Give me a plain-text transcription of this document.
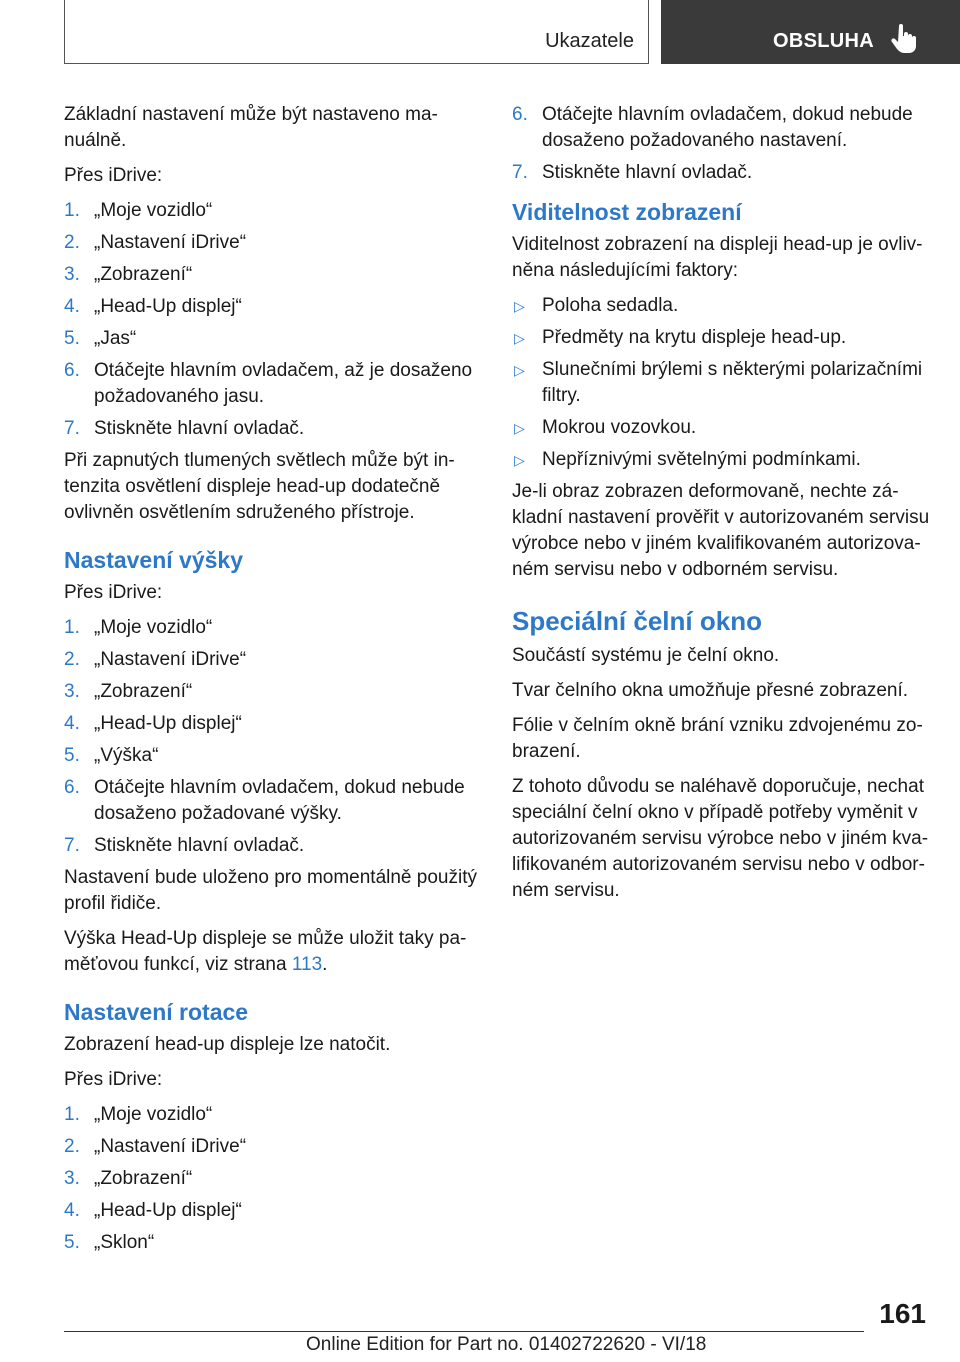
Ukazatele	OBSLUHA

Základní nastavení může být nastaveno ma-nuálně.

Přes iDrive:

1. „Moje vozidlo“
2. „Nastavení iDrive“
3. „Zobrazení“
4. „Head-Up displej“
5. „Jas“
6. Otáčejte hlavním ovladačem, až je dosaženo požadovaného jasu.
7. Stiskněte hlavní ovladač.

Při zapnutých tlumených světlech může být in-tenzita osvětlení displeje head-up dodatečně ovlivněn osvětlením sdruženého přístroje.

Nastavení výšky

Přes iDrive:

1. „Moje vozidlo“
2. „Nastavení iDrive“
3. „Zobrazení“
4. „Head-Up displej“
5. „Výška“
6. Otáčejte hlavním ovladačem, dokud nebude dosaženo požadované výšky.
7. Stiskněte hlavní ovladač.

Nastavení bude uloženo pro momentálně použitý profil řidiče.

Výška Head-Up displeje se může uložit taky pa-měťovou funkcí, viz strana 113.

Nastavení rotace

Zobrazení head-up displeje lze natočit.

Přes iDrive:

1. „Moje vozidlo“
2. „Nastavení iDrive“
3. „Zobrazení“
4. „Head-Up displej“
5. „Sklon“
6. Otáčejte hlavním ovladačem, dokud nebude dosaženo požadovaného nastavení.
7. Stiskněte hlavní ovladač.
Viditelnost zobrazení

Viditelnost zobrazení na displeji head-up je ovliv-něna následujícími faktory:

▷ Poloha sedadla.
▷ Předměty na krytu displeje head-up.
▷ Slunečními brýlemi s některými polarizačními filtry.
▷ Mokrou vozovkou.
▷ Nepříznivými světelnými podmínkami.

Je-li obraz zobrazen deformovaně, nechte zá-kladní nastavení prověřit v autorizovaném servisu výrobce nebo v jiném kvalifikovaném autorizova-ném servisu nebo v odborném servisu.

Speciální čelní okno

Součástí systému je čelní okno.

Tvar čelního okna umožňuje přesné zobrazení.

Fólie v čelním okně brání vzniku zdvojenému zo-brazení.

Z tohoto důvodu se naléhavě doporučuje, nechat speciální čelní okno v případě potřeby vyměnit v autorizovaném servisu výrobce nebo v jiném kva-lifikovaném autorizovaném servisu nebo v odbor-ném servisu.

161
Online Edition for Part no. 01402722620 - VI/18
